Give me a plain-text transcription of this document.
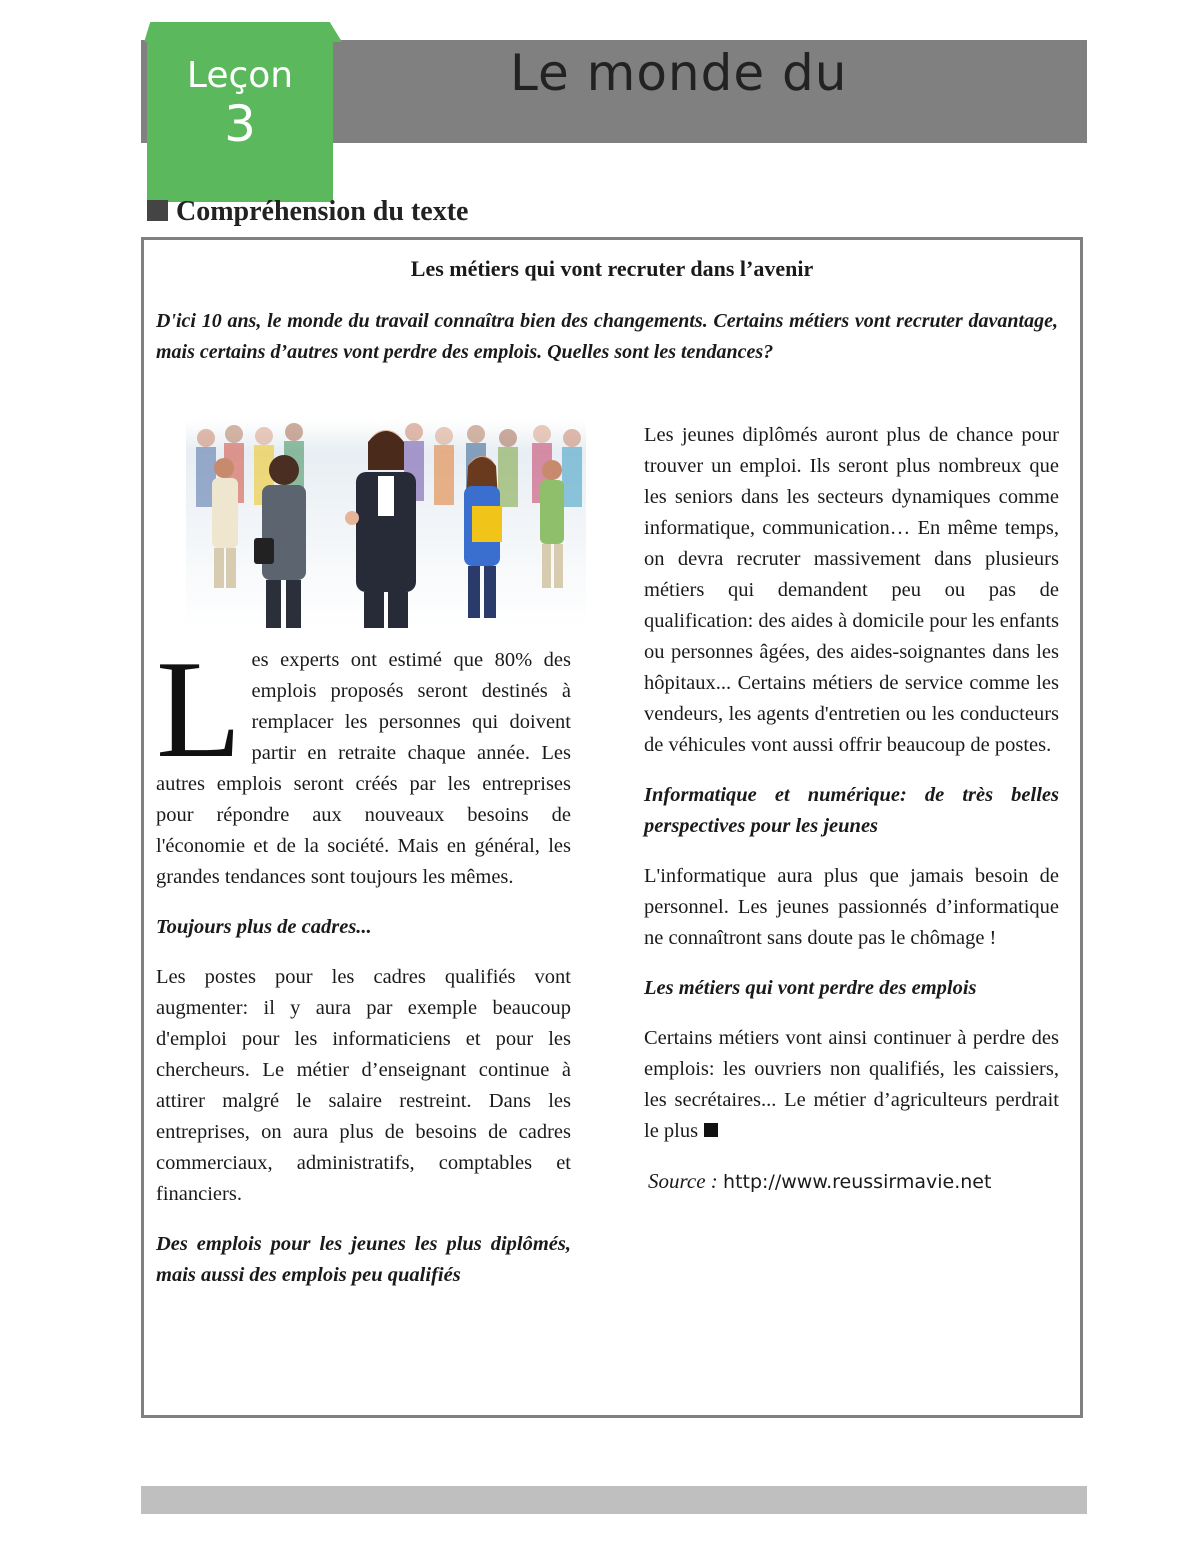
Le monde du
Leçon
3
Compréhension du texte
Les métiers qui vont recruter dans l’avenir

D'ici 10 ans, le monde du travail connaîtra bien des changements. Certains métiers vont recruter davantage, mais certains d’autres vont perdre des emplois. Quelles sont les tendances?

Les experts ont estimé que 80% des emplois proposés seront destinés à remplacer les personnes qui doivent partir en retraite chaque année. Les autres emplois seront créés par les entreprises pour répondre aux nouveaux besoins de l'économie et de la société. Mais en général, les grandes tendances sont toujours les mêmes.

Toujours plus de cadres...

Les postes pour les cadres qualifiés vont augmenter: il y aura par exemple beaucoup d'emploi pour les informaticiens et pour les chercheurs. Le métier d’enseignant continue à attirer malgré le salaire restreint. Dans les entreprises, on aura plus de besoins de cadres commerciaux, administratifs, comptables et financiers.

Des emplois pour les jeunes les plus diplômés, mais aussi des emplois peu qualifiés

Les jeunes diplômés auront plus de chance pour trouver un emploi. Ils seront plus nombreux que les seniors dans les secteurs dynamiques comme informatique, communication… En même temps, on devra recruter massivement dans plusieurs métiers qui demandent peu ou pas de qualification: des aides à domicile pour les enfants ou personnes âgées, des aides-soignantes dans les hôpitaux... Certains métiers de service comme les vendeurs, les agents d'entretien ou les conducteurs de véhicules vont aussi offrir beaucoup de postes.

Informatique et numérique: de très belles perspectives pour les jeunes

L'informatique aura plus que jamais besoin de personnel. Les jeunes passionnés d’informatique ne connaîtront sans doute pas le chômage !

Les métiers qui vont perdre des emplois

Certains métiers vont ainsi continuer à perdre des emplois: les ouvriers non qualifiés, les caissiers, les secrétaires... Le métier d’agriculteurs perdrait le plus

Source : http://www.reussirmavie.net
